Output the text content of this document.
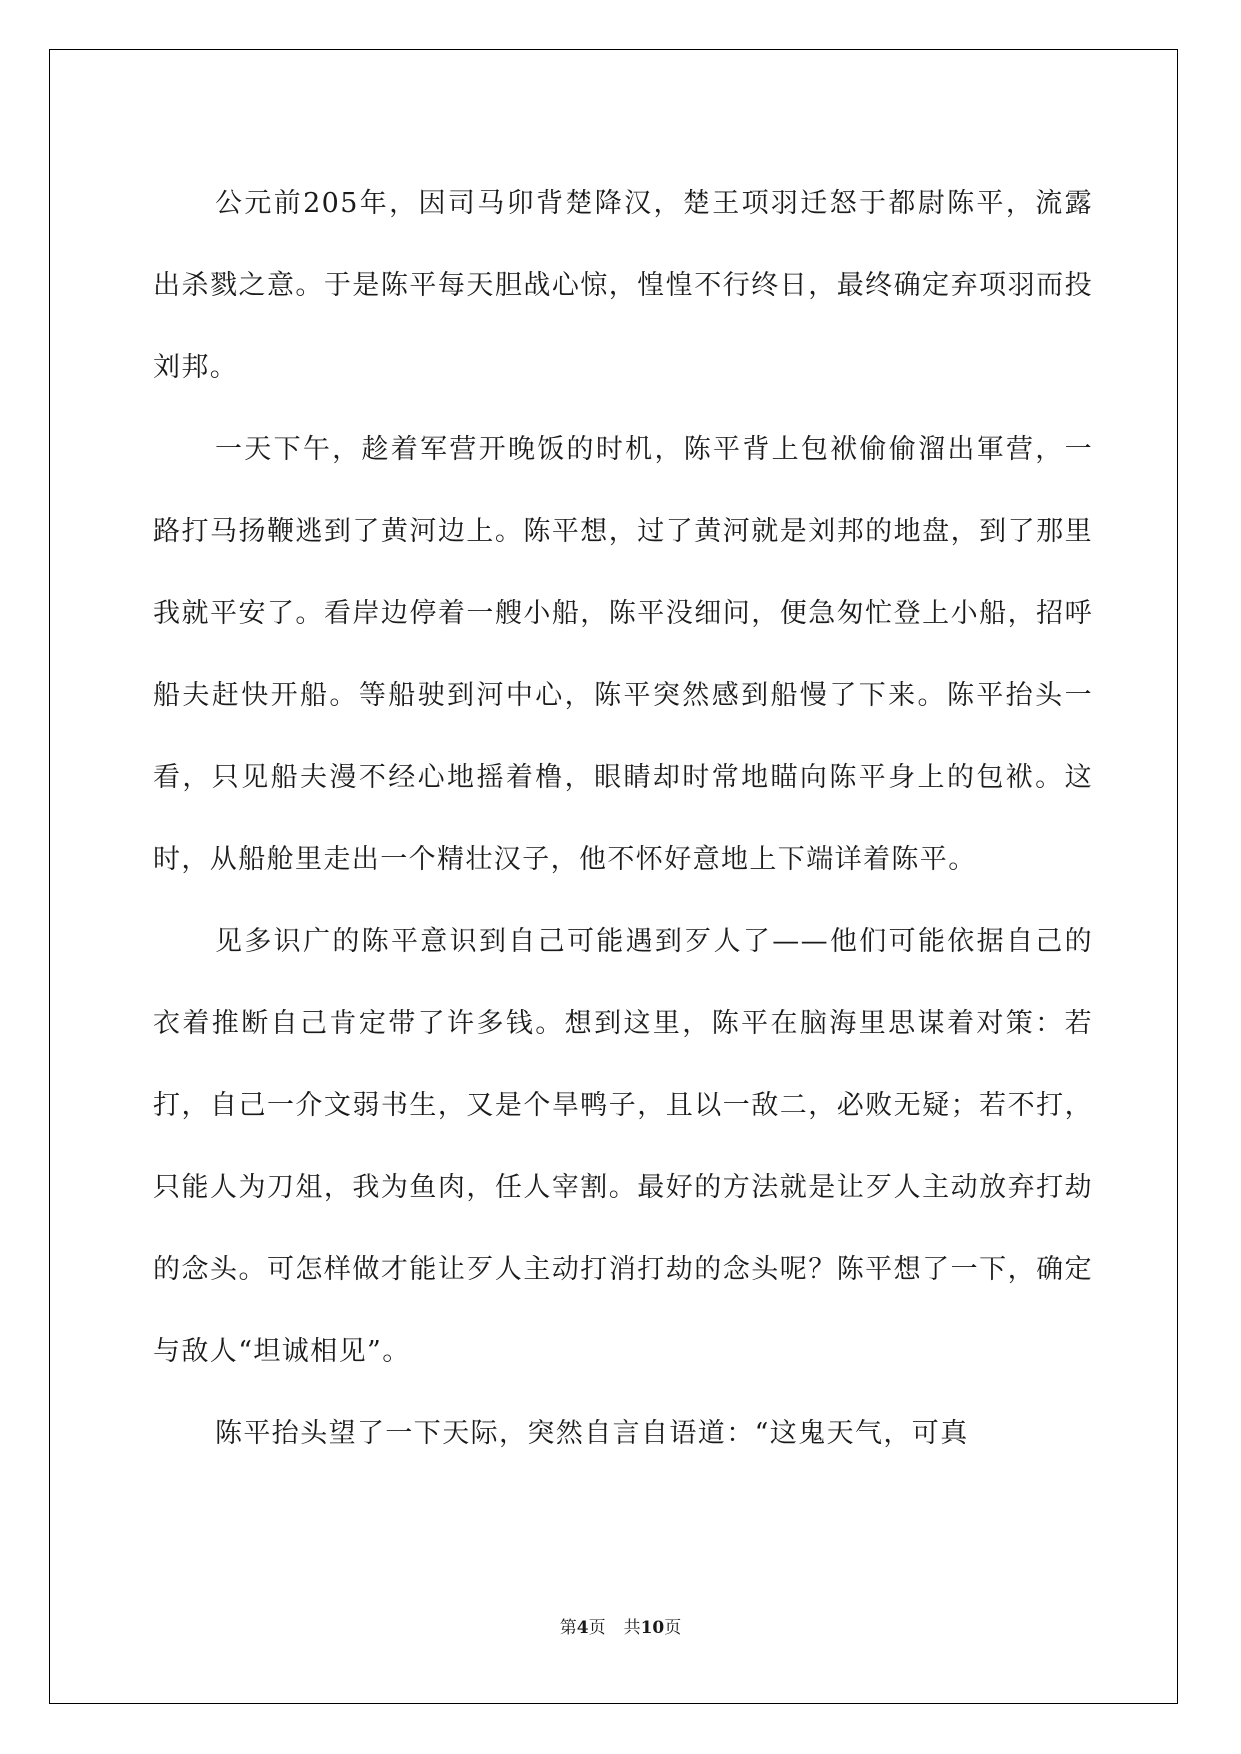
公元前205年，因司马卯背楚降汉，楚王项羽迁怒于都尉陈平，流露出杀戮之意。于是陈平每天胆战心惊，惶惶不行终日，最终确定弃项羽而投刘邦。

一天下午，趁着军营开晚饭的时机，陈平背上包袱偷偷溜出軍营，一路打马扬鞭逃到了黄河边上。陈平想，过了黄河就是刘邦的地盘，到了那里我就平安了。看岸边停着一艘小船，陈平没细问，便急匆忙登上小船，招呼船夫赶快开船。等船驶到河中心，陈平突然感到船慢了下来。陈平抬头一看，只见船夫漫不经心地摇着橹，眼睛却时常地瞄向陈平身上的包袱。这时，从船舱里走出一个精壮汉子，他不怀好意地上下端详着陈平。

见多识广的陈平意识到自己可能遇到歹人了——他们可能依据自己的衣着推断自己肯定带了许多钱。想到这里，陈平在脑海里思谋着对策：若打，自己一介文弱书生，又是个旱鸭子，且以一敌二，必败无疑；若不打，只能人为刀俎，我为鱼肉，任人宰割。最好的方法就是让歹人主动放弃打劫的念头。可怎样做才能让歹人主动打消打劫的念头呢？陈平想了一下，确定与敌人“坦诚相见”。

陈平抬头望了一下天际，突然自言自语道：“这鬼天气，可真

第4页 共10页
